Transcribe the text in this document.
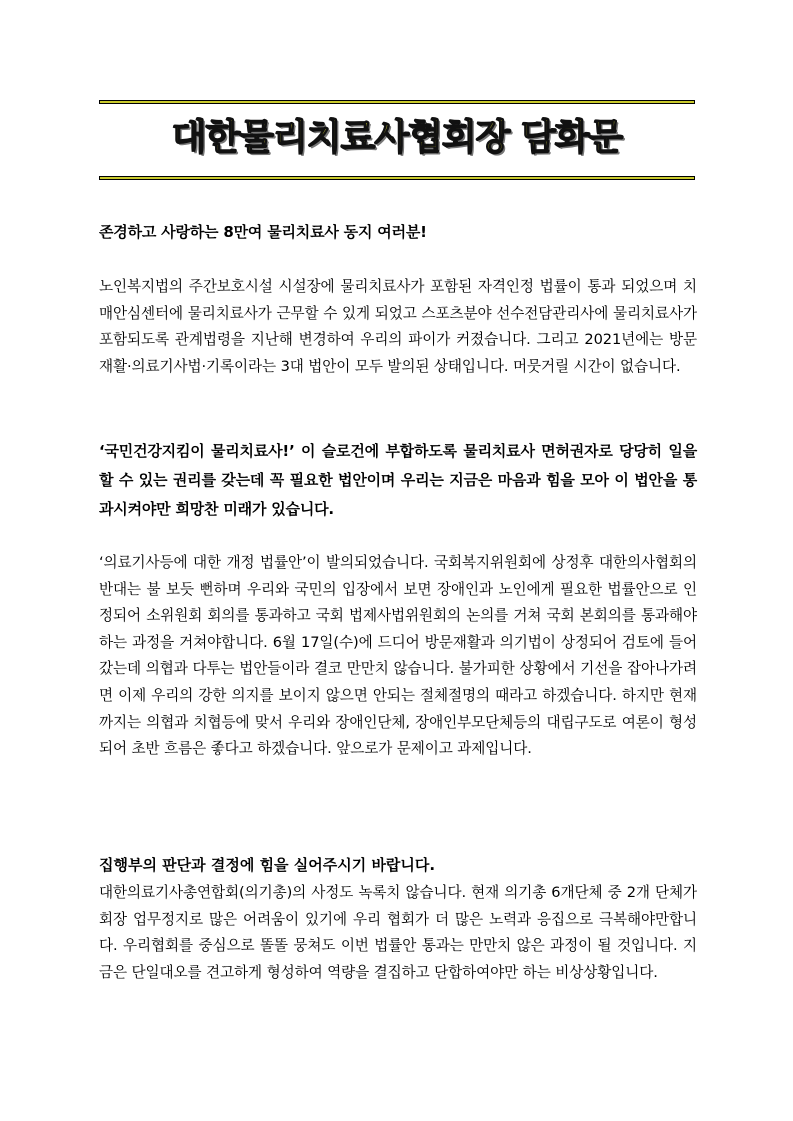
대한물리치료사협회장 담화문

존경하고 사랑하는 8만여 물리치료사 동지 여러분!

노인복지법의 주간보호시설 시설장에 물리치료사가 포함된 자격인정 법률이 통과 되었으며 치매안심센터에 물리치료사가 근무할 수 있게 되었고 스포츠분야 선수전담관리사에 물리치료사가 포함되도록 관계법령을 지난해 변경하여 우리의 파이가 커졌습니다. 그리고 2021년에는 방문재활·의료기사법·기록이라는 3대 법안이 모두 발의된 상태입니다. 머뭇거릴 시간이 없습니다.

‘국민건강지킴이 물리치료사!’ 이 슬로건에 부합하도록 물리치료사 면허권자로 당당히 일을 할 수 있는 권리를 갖는데 꼭 필요한 법안이며 우리는 지금은 마음과 힘을 모아 이 법안을 통과시켜야만 희망찬 미래가 있습니다.

‘의료기사등에 대한 개정 법률안’이 발의되었습니다. 국회복지위원회에 상정후 대한의사협회의 반대는 불 보듯 뻔하며 우리와 국민의 입장에서 보면 장애인과 노인에게 필요한 법률안으로 인정되어 소위원회 회의를 통과하고 국회 법제사법위원회의 논의를 거쳐 국회 본회의를 통과해야하는 과정을 거쳐야합니다. 6월 17일(수)에 드디어 방문재활과 의기법이 상정되어 검토에 들어갔는데 의협과 다투는 법안들이라 결코 만만치 않습니다. 불가피한 상황에서 기선을 잡아나가려면 이제 우리의 강한 의지를 보이지 않으면 안되는 절체절명의 때라고 하겠습니다. 하지만 현재까지는 의협과 치협등에 맞서 우리와 장애인단체, 장애인부모단체등의 대립구도로 여론이 형성되어 초반 흐름은 좋다고 하겠습니다. 앞으로가 문제이고 과제입니다.

집행부의 판단과 결정에 힘을 실어주시기 바랍니다.

대한의료기사총연합회(의기총)의 사정도 녹록치 않습니다. 현재 의기총 6개단체 중 2개 단체가 회장 업무정지로 많은 어려움이 있기에 우리 협회가 더 많은 노력과 응집으로 극복해야만합니다. 우리협회를 중심으로 똘똘 뭉쳐도 이번 법률안 통과는 만만치 않은 과정이 될 것입니다. 지금은 단일대오를 견고하게 형성하여 역량을 결집하고 단합하여야만 하는 비상상황입니다.
